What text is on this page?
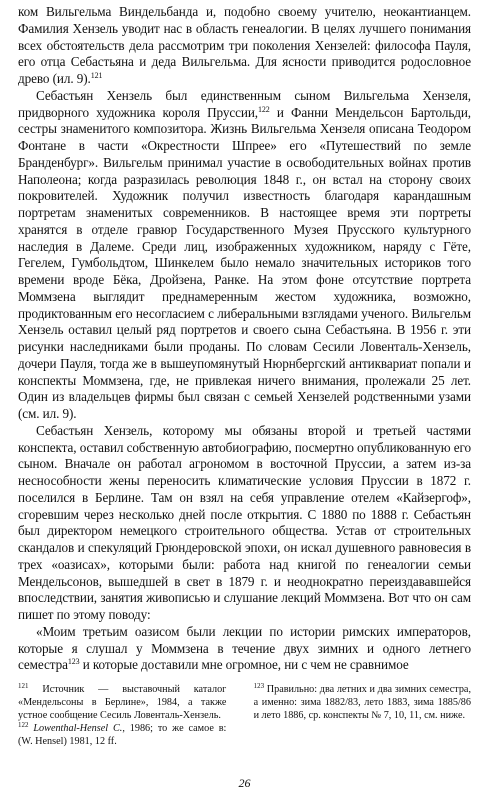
ком Вильгельма Виндельбанда и, подобно своему учителю, неокантианцем. Фамилия Хензель уводит нас в область генеалогии. В целях лучшего понимания всех обстоятельств дела рассмотрим три поколения Хензелей: философа Пауля, его отца Себастьяна и деда Вильгельма. Для ясности приводится родословное древо (ил. 9).$^{121}$

Себастьян Хензель был единственным сыном Вильгельма Хензеля, придворного художника короля Пруссии,$^{122}$ и Фанни Мендельсон Бартольди, сестры знаменитого композитора. Жизнь Вильгельма Хензеля описана Теодором Фонтане в части «Окрестности Шпрее» его «Путешествий по земле Бранденбург». Вильгельм принимал участие в освободительных войнах против Наполеона; когда разразилась революция 1848 г., он встал на сторону своих покровителей. Художник получил известность благодаря карандашным портретам знаменитых современников. В настоящее время эти портреты хранятся в отделе гравюр Государственного Музея Прусского культурного наследия в Далеме. Среди лиц, изображенных художником, наряду с Гёте, Гегелем, Гумбольдтом, Шинкелем было немало значительных историков того времени вроде Бёка, Дройзена, Ранке. На этом фоне отсутствие портрета Моммзена выглядит преднамеренным жестом художника, возможно, продиктованным его несогласием с либеральными взглядами ученого. Вильгельм Хензель оставил целый ряд портретов и своего сына Себастьяна. В 1956 г. эти рисунки наследниками были проданы. По словам Сесили Ловенталь-Хензель, дочери Пауля, тогда же в вышеупомянутый Нюрнбергский антиквариат попали и конспекты Моммзена, где, не привлекая ничего внимания, пролежали 25 лет. Один из владельцев фирмы был связан с семьей Хензелей родственными узами (см. ил. 9).

Себастьян Хензель, которому мы обязаны второй и третьей частями конспекта, оставил собственную автобиографию, посмертно опубликованную его сыном. Вначале он работал агрономом в восточной Пруссии, а затем из-за неснособности жены переносить климатические условия Пруссии в 1872 г. поселился в Берлине. Там он взял на себя управление отелем «Кайзергоф», сгоревшим через несколько дней после открытия. С 1880 по 1888 г. Себастьян был директором немецкого строительного общества. Устав от строительных скандалов и спекуляций Грюндеровской эпохи, он искал душевного равновесия в трех «оазисах», которыми были: работа над книгой по генеалогии семьи Мендельсонов, вышедшей в свет в 1879 г. и неоднократно переиздававшейся впоследствии, занятия живописью и слушание лекций Моммзена. Вот что он сам пишет по этому поводу:

«Моим третьим оазисом были лекции по истории римских императоров, которые я слушал у Моммзена в течение двух зимних и одного летнего семестра$^{123}$ и которые доставили мне огромное, ни с чем не сравнимое

$^{121}$ Источник — выставочный каталог «Мендельсоны в Берлине», 1984, а также устное сообщение Сесиль Ловенталь-Хензель.

$^{122}$ Lowenthal-Hensel C., 1986; то же самое в: (W. Hensel) 1981, 12 ff.

$^{123}$ Правильно: два летних и два зимних семестра, а именно: зима 1882/83, лето 1883, зима 1885/86 и лето 1886, ср. конспекты № 7, 10, 11, см. ниже.

26
